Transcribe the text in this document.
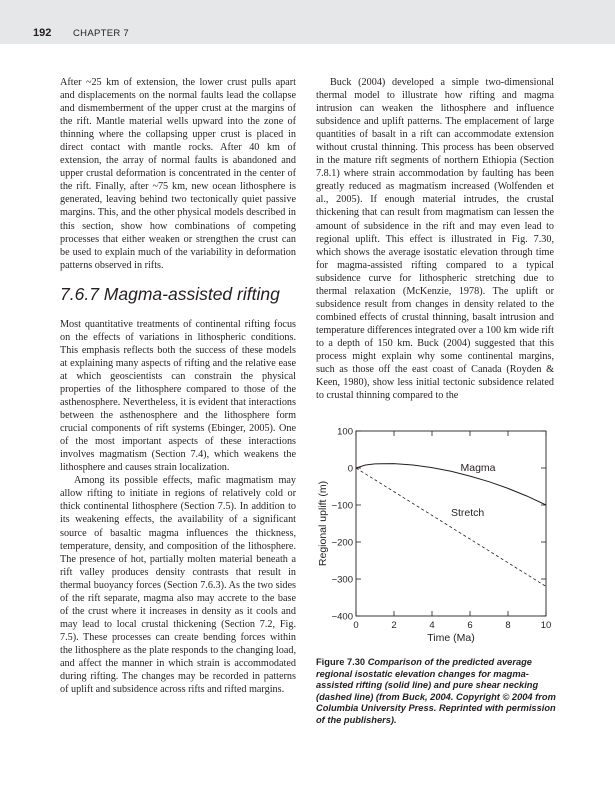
192 CHAPTER 7

After ~25 km of extension, the lower crust pulls apart and displacements on the normal faults lead the collapse and dismemberment of the upper crust at the margins of the rift. Mantle material wells upward into the zone of thinning where the collapsing upper crust is placed in direct contact with mantle rocks. After 40 km of extension, the array of normal faults is abandoned and upper crustal deformation is concentrated in the center of the rift. Finally, after ~75 km, new ocean lithosphere is generated, leaving behind two tectonically quiet passive margins. This, and the other physical models described in this section, show how combinations of competing processes that either weaken or strengthen the crust can be used to explain much of the variability in deformation patterns observed in rifts.

7.6.7 Magma-assisted rifting

Most quantitative treatments of continental rifting focus on the effects of variations in lithospheric conditions. This emphasis reflects both the success of these models at explaining many aspects of rifting and the relative ease at which geoscientists can constrain the physical properties of the lithosphere compared to those of the asthenosphere. Nevertheless, it is evident that interactions between the asthenosphere and the lithosphere form crucial components of rift systems (Ebinger, 2005). One of the most important aspects of these interactions involves magmatism (Section 7.4), which weakens the lithosphere and causes strain localization.

Among its possible effects, mafic magmatism may allow rifting to initiate in regions of relatively cold or thick continental lithosphere (Section 7.5). In addition to its weakening effects, the availability of a significant source of basaltic magma influences the thickness, temperature, density, and composition of the lithosphere. The presence of hot, partially molten material beneath a rift valley produces density contrasts that result in thermal buoyancy forces (Section 7.6.3). As the two sides of the rift separate, magma also may accrete to the base of the crust where it increases in density as it cools and may lead to local crustal thickening (Section 7.2, Fig. 7.5). These processes can create bending forces within the lithosphere as the plate responds to the changing load, and affect the manner in which strain is accommodated during rifting. The changes may be recorded in patterns of uplift and subsidence across rifts and rifted margins.

Buck (2004) developed a simple two-dimensional thermal model to illustrate how rifting and magma intrusion can weaken the lithosphere and influence subsidence and uplift patterns. The emplacement of large quantities of basalt in a rift can accommodate extension without crustal thinning. This process has been observed in the mature rift segments of northern Ethiopia (Section 7.8.1) where strain accommodation by faulting has been greatly reduced as magmatism increased (Wolfenden et al., 2005). If enough material intrudes, the crustal thickening that can result from magmatism can lessen the amount of subsidence in the rift and may even lead to regional uplift. This effect is illustrated in Fig. 7.30, which shows the average isostatic elevation through time for magma-assisted rifting compared to a typical subsidence curve for lithospheric stretching due to thermal relaxation (McKenzie, 1978). The uplift or subsidence result from changes in density related to the combined effects of crustal thinning, basalt intrusion and temperature differences integrated over a 100 km wide rift to a depth of 150 km. Buck (2004) suggested that this process might explain why some continental margins, such as those off the east coast of Canada (Royden & Keen, 1980), show less initial tectonic subsidence related to crustal thinning compared to the

0	2	4	6	8	10
100
0
−100
−200
−300
−400
Time (Ma)
Regional uplift (m)
Magma
Stretch
Figure 7.30 Comparison of the predicted average regional isostatic elevation changes for magma-assisted rifting (solid line) and pure shear necking (dashed line) (from Buck, 2004. Copyright © 2004 from Columbia University Press. Reprinted with permission of the publishers).
